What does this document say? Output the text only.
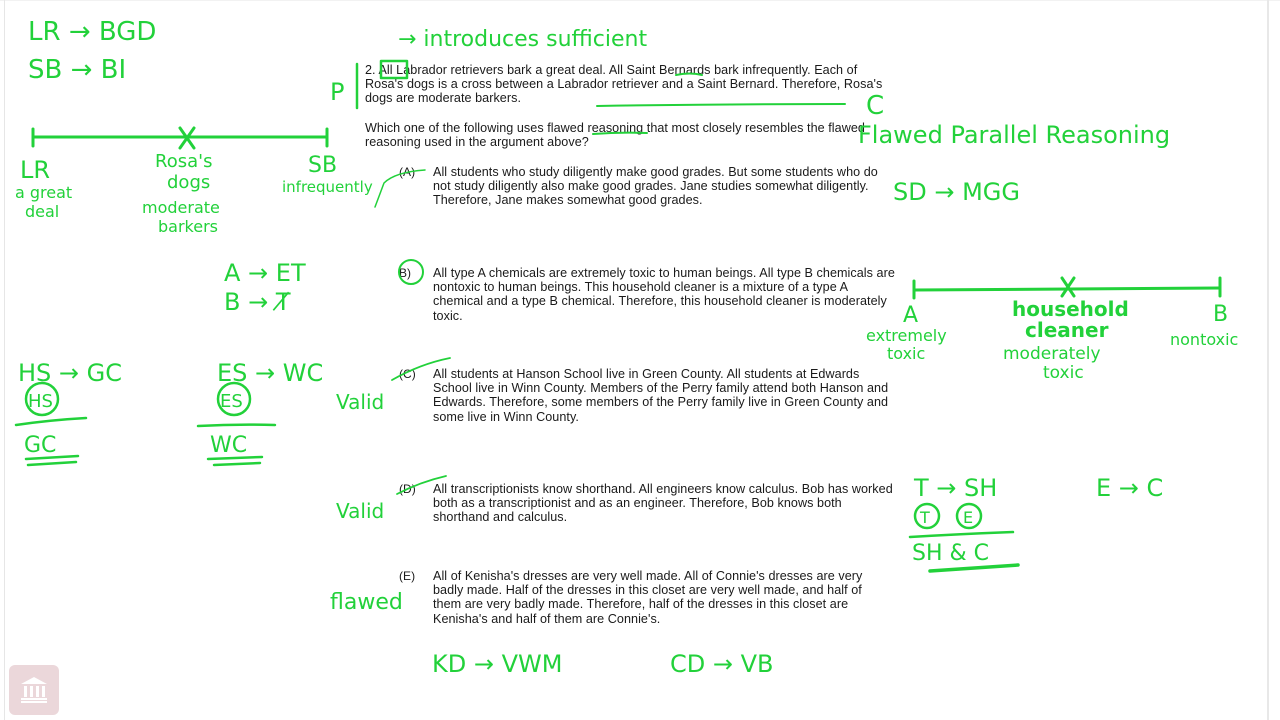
2. All Labrador retrievers bark a great deal. All Saint Bernards bark infrequently. Each of Rosa's dogs is a cross between a Labrador retriever and a Saint Bernard. Therefore, Rosa's dogs are moderate barkers.
Which one of the following uses flawed reasoning that most closely resembles the flawed reasoning used in the argument above?
(A) All students who study diligently make good grades. But some students who do not study diligently also make good grades. Jane studies somewhat diligently. Therefore, Jane makes somewhat good grades.
B) All type A chemicals are extremely toxic to human beings. All type B chemicals are nontoxic to human beings. This household cleaner is a mixture of a type A chemical and a type B chemical. Therefore, this household cleaner is moderately toxic.
(C) All students at Hanson School live in Green County. All students at Edwards School live in Winn County. Members of the Perry family attend both Hanson and Edwards. Therefore, some members of the Perry family live in Green County and some live in Winn County.
(D) All transcriptionists know shorthand. All engineers know calculus. Bob has worked both as a transcriptionist and as an engineer. Therefore, Bob knows both shorthand and calculus.
(E) All of Kenisha's dresses are very well made. All of Connie's dresses are very badly made. Half of the dresses in this closet are very well made, and half of them are very badly made. Therefore, half of the dresses in this closet are Kenisha's and half of them are Connie's.
LR → BGD
SB → BI
→ introduces sufficient
P	C
Flawed Parallel Reasoning
LR
a great
deal
Rosa's
dogs
moderate
barkers
SB
infrequently	SD → MGG
A → ET
B → T̸	A
extremely
toxic
household
cleaner
moderately
toxic
B
nontoxic
HS → GC
HS
GC
ES → WC
ES
WC
Valid
Valid
T → SH	E → C
T E
SH & C
flawed
KD → VWM	CD → VB
